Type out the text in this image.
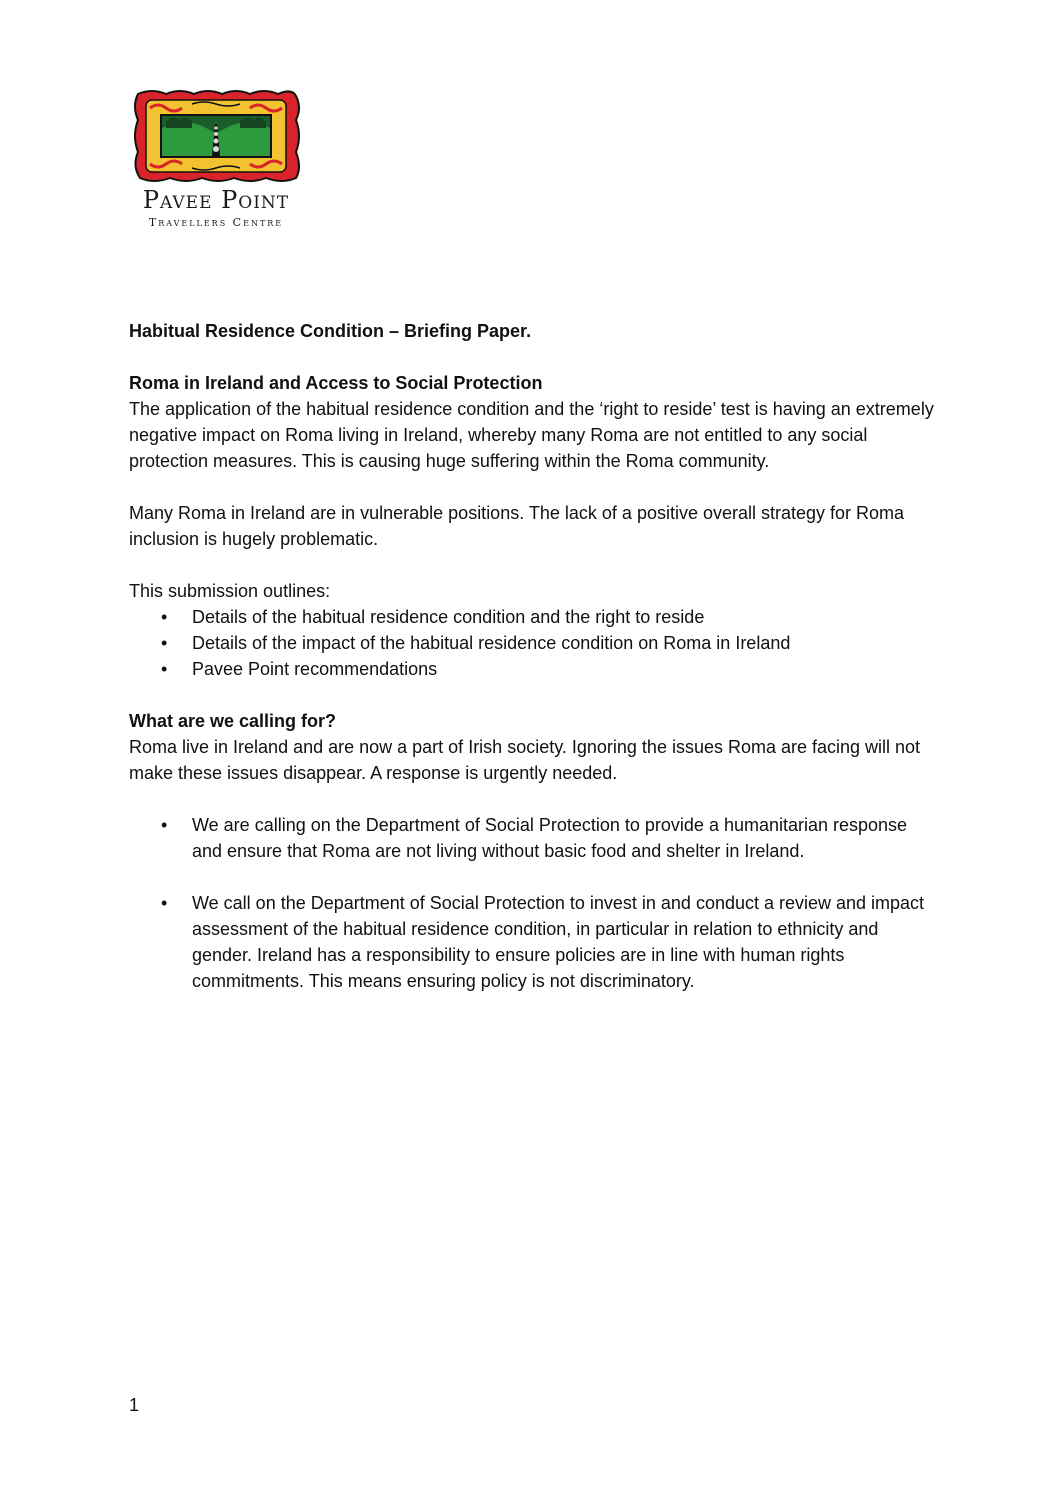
Pavee Point
Travellers Centre
Habitual Residence Condition – Briefing Paper.
Roma in Ireland and Access to Social Protection

The application of the habitual residence condition and the ‘right to reside’ test is having an extremely negative impact on Roma living in Ireland, whereby many Roma are not entitled to any social protection measures. This is causing huge suffering within the Roma community.

Many Roma in Ireland are in vulnerable positions. The lack of a positive overall strategy for Roma inclusion is hugely problematic.

This submission outlines:

• Details of the habitual residence condition and the right to reside
• Details of the impact of the habitual residence condition on Roma in Ireland
• Pavee Point recommendations
What are we calling for?

Roma live in Ireland and are now a part of Irish society. Ignoring the issues Roma are facing will not make these issues disappear. A response is urgently needed.

• We are calling on the Department of Social Protection to provide a humanitarian response and ensure that Roma are not living without basic food and shelter in Ireland.
• We call on the Department of Social Protection to invest in and conduct a review and impact assessment of the habitual residence condition, in particular in relation to ethnicity and gender. Ireland has a responsibility to ensure policies are in line with human rights commitments. This means ensuring policy is not discriminatory.
1
